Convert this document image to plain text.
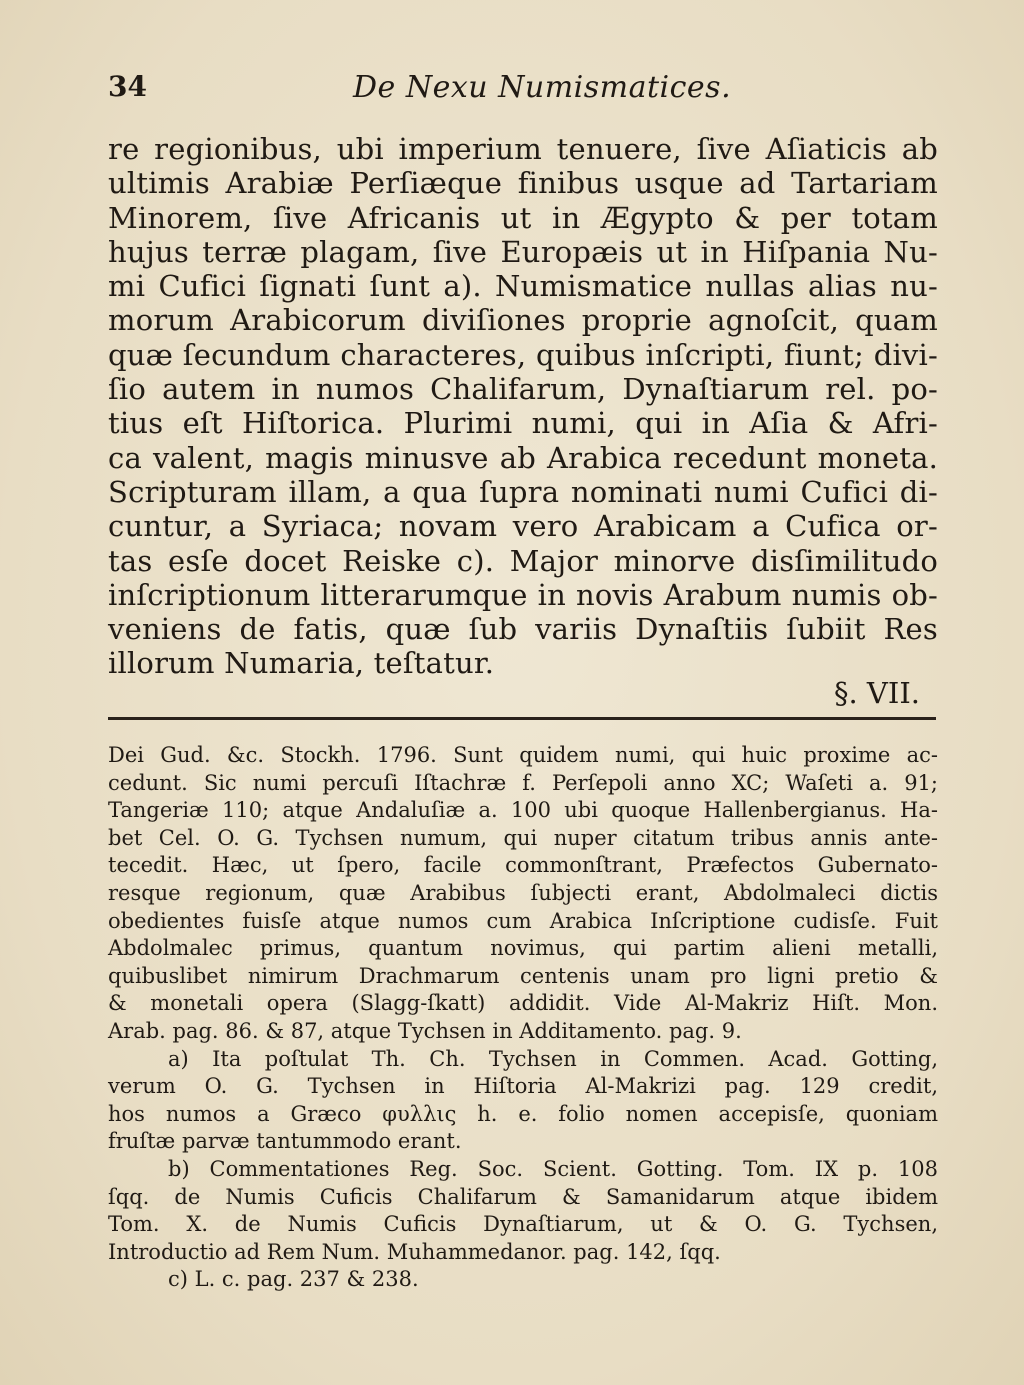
34	De Nexu Numismatices.
re regionibus, ubi imperium tenuere, ſive Aſiaticis ab
ultimis Arabiæ Perſiæque finibus usque ad Tartariam
Minorem, ſive Africanis ut in Ægypto & per totam
hujus terræ plagam, ſive Europæis ut in Hiſpania Nu-
mi Cufici ſignati ſunt a). Numismatice nullas alias nu-
morum Arabicorum diviſiones proprie agnoſcit, quam
quæ ſecundum characteres, quibus inſcripti, fiunt; divi-
ſio autem in numos Chalifarum, Dynaſtiarum rel. po-
tius eſt Hiſtorica. Plurimi numi, qui in Aſia & Afri-
ca valent, magis minusve ab Arabica recedunt moneta.
Scripturam illam, a qua ſupra nominati numi Cufici di-
cuntur, a Syriaca; novam vero Arabicam a Cufica or-
tas esſe docet Reiske c). Major minorve disſimilitudo
inſcriptionum litterarumque in novis Arabum numis ob-
veniens de fatis, quæ ſub variis Dynaſtiis ſubiit Res
illorum Numaria, teſtatur.
§. VII.
Dei Gud. &c. Stockh. 1796. Sunt quidem numi, qui huic proxime ac-
cedunt. Sic numi percuſi Iſtachræ f. Perſepoli anno XC; Waſeti a. 91;
Tangeriæ 110; atque Andaluſiæ a. 100 ubi quoque Hallenbergianus. Ha-
bet Cel. O. G. Tychsen numum, qui nuper citatum tribus annis ante-
tecedit. Hæc, ut ſpero, facile commonſtrant, Præfectos Gubernato-
resque regionum, quæ Arabibus ſubjecti erant, Abdolmaleci dictis
obedientes fuisſe atque numos cum Arabica Inſcriptione cudisſe. Fuit
Abdolmalec primus, quantum novimus, qui partim alieni metalli,
quibuslibet nimirum Drachmarum centenis unam pro ligni pretio &
& monetali opera (Slagg-ſkatt) addidit. Vide Al-Makriz Hiſt. Mon.
Arab. pag. 86. & 87, atque Tychsen in Additamento. pag. 9.
a) Ita poſtulat Th. Ch. Tychsen in Commen. Acad. Gotting,
verum O. G. Tychsen in Hiſtoria Al-Makrizi pag. 129 credit,
hos numos a Græco φυλλις h. e. folio nomen accepisſe, quoniam
fruſtæ parvæ tantummodo erant.
b) Commentationes Reg. Soc. Scient. Gotting. Tom. IX p. 108
ſqq. de Numis Cuficis Chalifarum & Samanidarum atque ibidem
Tom. X. de Numis Cuficis Dynaſtiarum, ut & O. G. Tychsen,
Introductio ad Rem Num. Muhammedanor. pag. 142, ſqq.
c) L. c. pag. 237 & 238.
